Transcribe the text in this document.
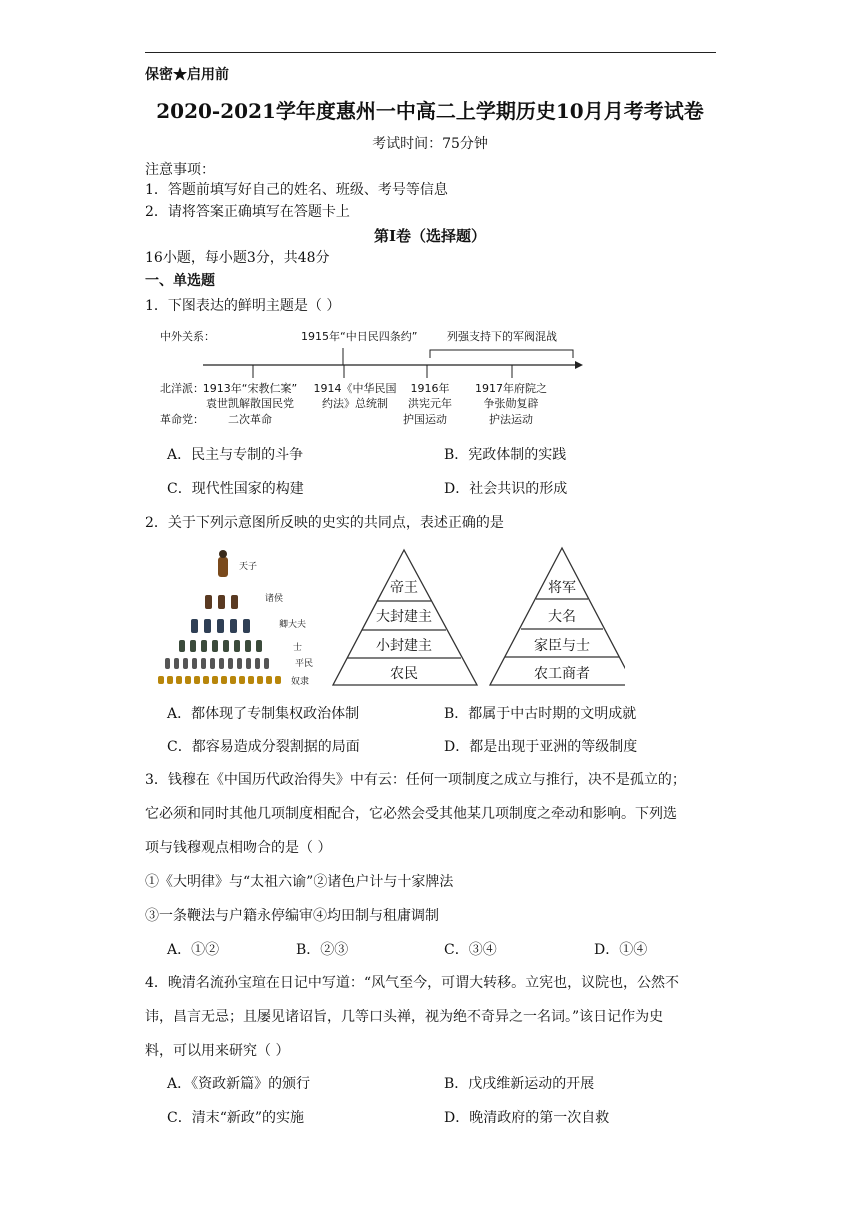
保密★启用前
2020-2021学年度惠州一中高二上学期历史10月月考考试卷
考试时间：75分钟
注意事项：
1．答题前填写好自己的姓名、班级、考号等信息
2．请将答案正确填写在答题卡上
第I卷（选择题）
16小题，每小题3分，共48分
一、单选题
1．下图表达的鲜明主题是（ ）
中外关系：
北洋派：
革命党：
1915年“中日民四条约”	列强支持下的军阀混战
1913年“宋教仁案”
袁世凯解散国民党
二次革命
1914《中华民国
约法》总统制
1916年
洪宪元年
护国运动
1917年府院之
争张勋复辟
护法运动
A．民主与专制的斗争	B．宪政体制的实践
C．现代性国家的构建	D．社会共识的形成
2．关于下列示意图所反映的史实的共同点，表述正确的是
天子
诸侯
卿大夫
士
平民
奴隶
帝王
大封建主
小封建主
农民
将军
大名
家臣与士
农工商者
A．都体现了专制集权政治体制	B．都属于中古时期的文明成就
C．都容易造成分裂割据的局面	D．都是出现于亚洲的等级制度
3．钱穆在《中国历代政治得失》中有云：任何一项制度之成立与推行，决不是孤立的；
它必须和同时其他几项制度相配合，它必然会受其他某几项制度之牵动和影响。下列选
项与钱穆观点相吻合的是（ ）
①《大明律》与“太祖六谕”②诸色户计与十家牌法
③一条鞭法与户籍永停编审④均田制与租庸调制
A．①②	B．②③	C．③④	D．①④
4．晚清名流孙宝瑄在日记中写道：“风气至今，可谓大转移。立宪也，议院也，公然不
讳，昌言无忌；且屡见诸诏旨，几等口头禅，视为绝不奇异之一名词。”该日记作为史
料，可以用来研究（ ）
A．《资政新篇》的颁行	B．戊戌维新运动的开展
C．清末“新政”的实施	D．晚清政府的第一次自救
